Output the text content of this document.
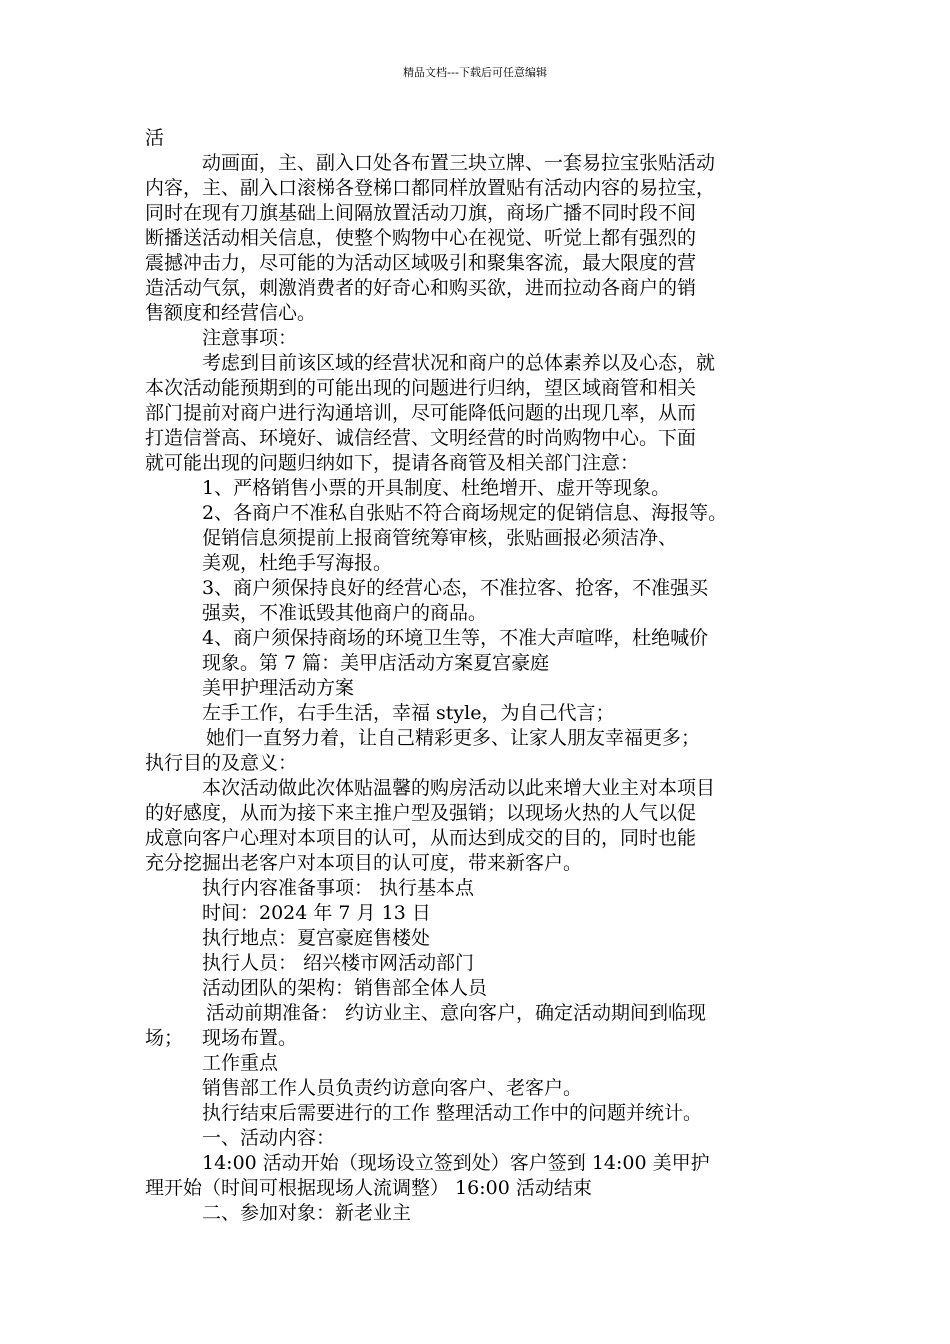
精品文档---下载后可任意编辑
活
动画面，主、副入口处各布置三块立牌、一套易拉宝张贴活动
内容，主、副入口滚梯各登梯口都同样放置贴有活动内容的易拉宝，
同时在现有刀旗基础上间隔放置活动刀旗，商场广播不同时段不间
断播送活动相关信息，使整个购物中心在视觉、听觉上都有强烈的
震撼冲击力，尽可能的为活动区域吸引和聚集客流，最大限度的营
造活动气氛，刺激消费者的好奇心和购买欲，进而拉动各商户的销
售额度和经营信心。
注意事项：
考虑到目前该区域的经营状况和商户的总体素养以及心态，就
本次活动能预期到的可能出现的问题进行归纳，望区域商管和相关
部门提前对商户进行沟通培训，尽可能降低问题的出现几率，从而
打造信誉高、环境好、诚信经营、文明经营的时尚购物中心。下面
就可能出现的问题归纳如下，提请各商管及相关部门注意：
1、严格销售小票的开具制度、杜绝增开、虚开等现象。
2、各商户不准私自张贴不符合商场规定的促销信息、海报等。
促销信息须提前上报商管统筹审核，张贴画报必须洁净、
美观，杜绝手写海报。
3、商户须保持良好的经营心态，不准拉客、抢客，不准强买
强卖，不准诋毁其他商户的商品。
4、商户须保持商场的环境卫生等，不准大声喧哗，杜绝喊价
现象。第 7 篇：美甲店活动方案夏宫豪庭
美甲护理活动方案
左手工作，右手生活，幸福 style，为自己代言；
她们一直努力着，让自己精彩更多、让家人朋友幸福更多；
执行目的及意义：
本次活动做此次体贴温馨的购房活动以此来增大业主对本项目
的好感度，从而为接下来主推户型及强销；以现场火热的人气以促
成意向客户心理对本项目的认可，从而达到成交的目的，同时也能
充分挖掘出老客户对本项目的认可度，带来新客户。
执行内容准备事项： 执行基本点
时间：2024 年 7 月 13 日
执行地点：夏宫豪庭售楼处
执行人员： 绍兴楼市网活动部门
活动团队的架构：销售部全体人员
活动前期准备： 约访业主、意向客户，确定活动期间到临现
场； 现场布置。
工作重点
销售部工作人员负责约访意向客户、老客户。
执行结束后需要进行的工作 整理活动工作中的问题并统计。
一、活动内容：
14:00 活动开始（现场设立签到处）客户签到 14:00 美甲护
理开始（时间可根据现场人流调整） 16:00 活动结束
二、参加对象：新老业主
